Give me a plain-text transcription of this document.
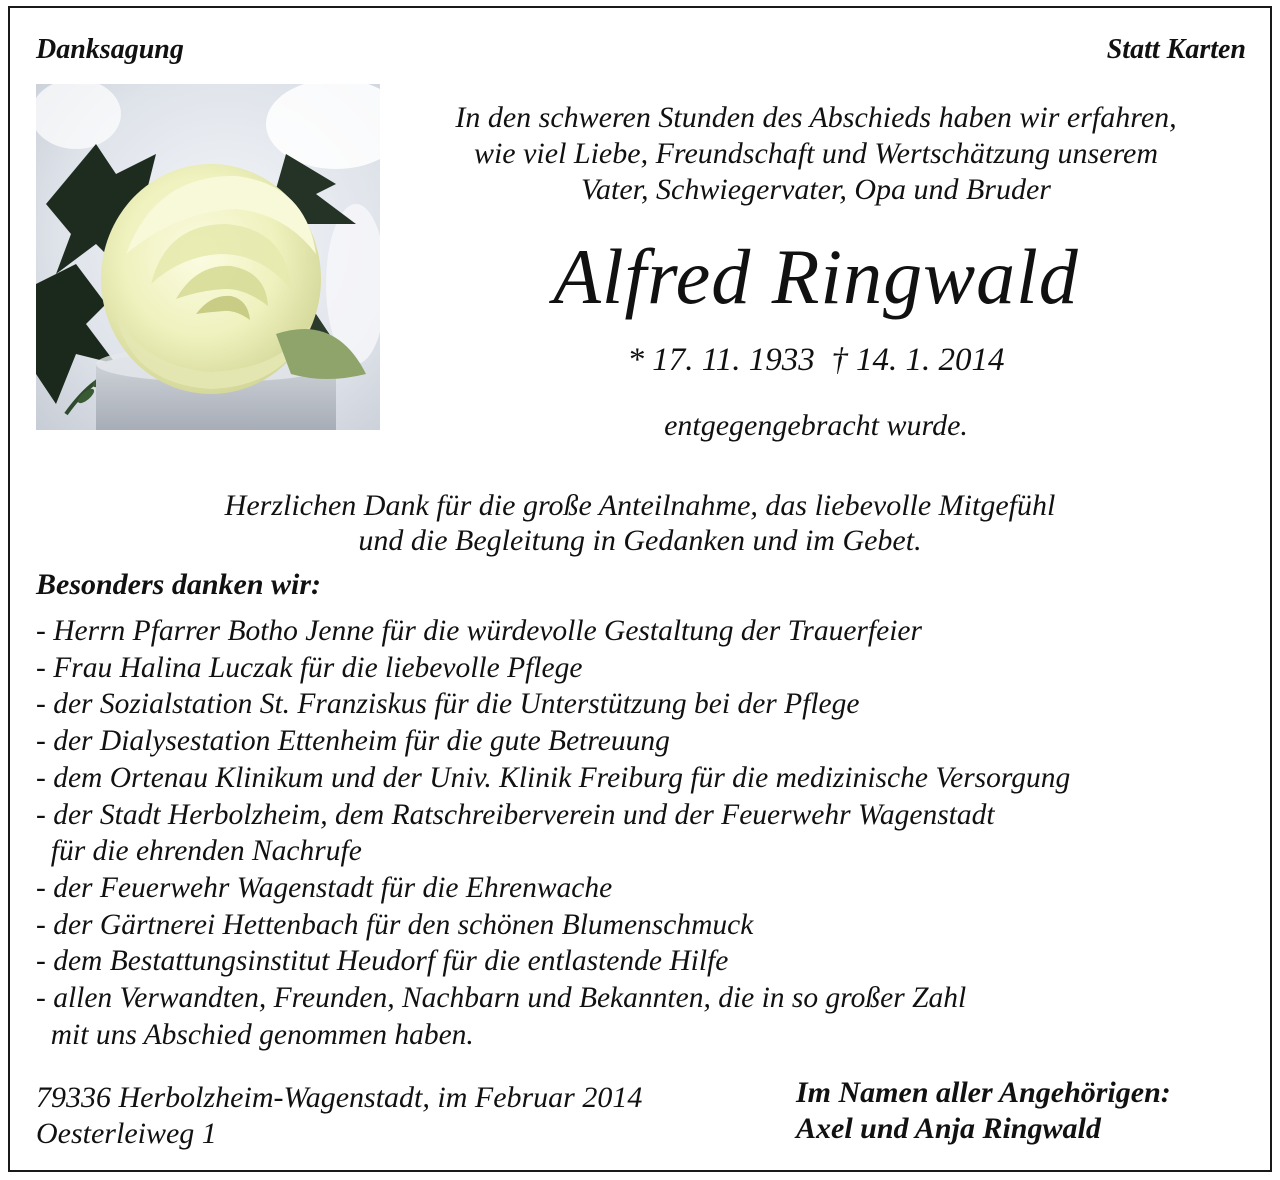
Danksagung	Statt Karten
In den schweren Stunden des Abschieds haben wir erfahren,
wie viel Liebe, Freundschaft und Wertschätzung unserem
Vater, Schwiegervater, Opa und Bruder
Alfred Ringwald
* 17. 11. 1933  † 14. 1. 2014
entgegengebracht wurde.
Herzlichen Dank für die große Anteilnahme, das liebevolle Mitgefühl
und die Begleitung in Gedanken und im Gebet.
Besonders danken wir:
- Herrn Pfarrer Botho Jenne für die würdevolle Gestaltung der Trauerfeier
- Frau Halina Luczak für die liebevolle Pflege
- der Sozialstation St. Franziskus für die Unterstützung bei der Pflege
- der Dialysestation Ettenheim für die gute Betreuung
- dem Ortenau Klinikum und der Univ. Klinik Freiburg für die medizinische Versorgung
- der Stadt Herbolzheim, dem Ratschreiberverein und der Feuerwehr Wagenstadt
für die ehrenden Nachrufe
- der Feuerwehr Wagenstadt für die Ehrenwache
- der Gärtnerei Hettenbach für den schönen Blumenschmuck
- dem Bestattungsinstitut Heudorf für die entlastende Hilfe
- allen Verwandten, Freunden, Nachbarn und Bekannten, die in so großer Zahl
mit uns Abschied genommen haben.
79336 Herbolzheim-Wagenstadt, im Februar 2014
Oesterleiweg 1
Im Namen aller Angehörigen:
Axel und Anja Ringwald
